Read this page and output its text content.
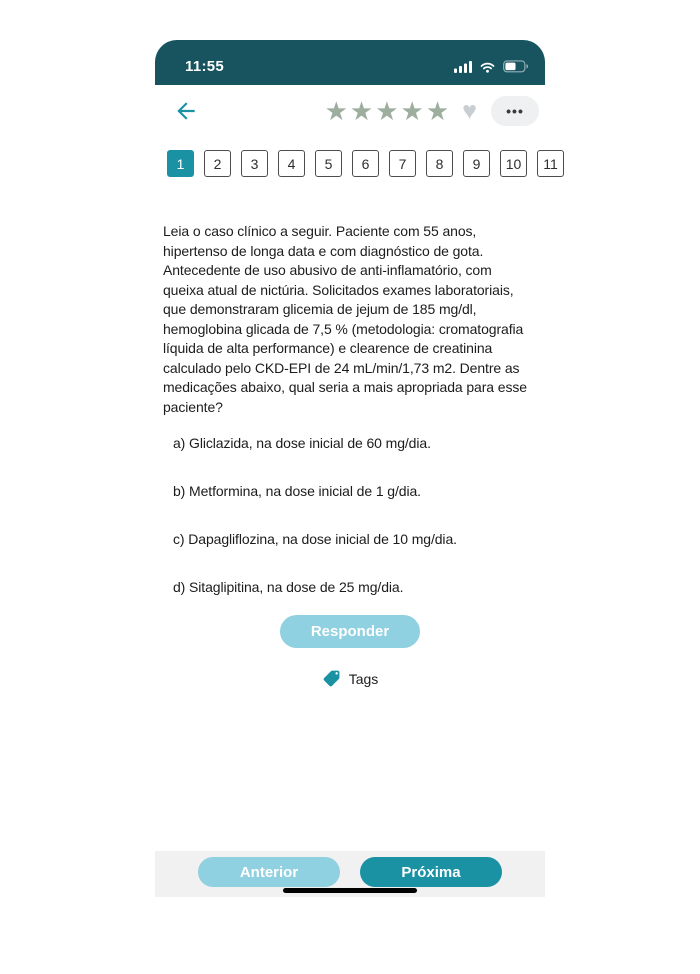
11:55
★ ★ ★ ★ ★ ♥ •••
1	2	3	4	5	6	7	8	9	10	11
Leia o caso clínico a seguir. Paciente com 55 anos, hipertenso de longa data e com diagnóstico de gota. Antecedente de uso abusivo de anti-inflamatório, com queixa atual de nictúria. Solicitados exames laboratoriais, que demonstraram glicemia de jejum de 185 mg/dl, hemoglobina glicada de 7,5 % (metodologia: cromatografia líquida de alta performance) e clearence de creatinina calculado pelo CKD-EPI de 24 mL/min/1,73 m2. Dentre as medicações abaixo, qual seria a mais apropriada para esse paciente?
a) Gliclazida, na dose inicial de 60 mg/dia.
b) Metformina, na dose inicial de 1 g/dia.
c) Dapagliflozina, na dose inicial de 10 mg/dia.
d) Sitaglipitina, na dose de 25 mg/dia.
Responder
Tags
Anterior	Próxima
